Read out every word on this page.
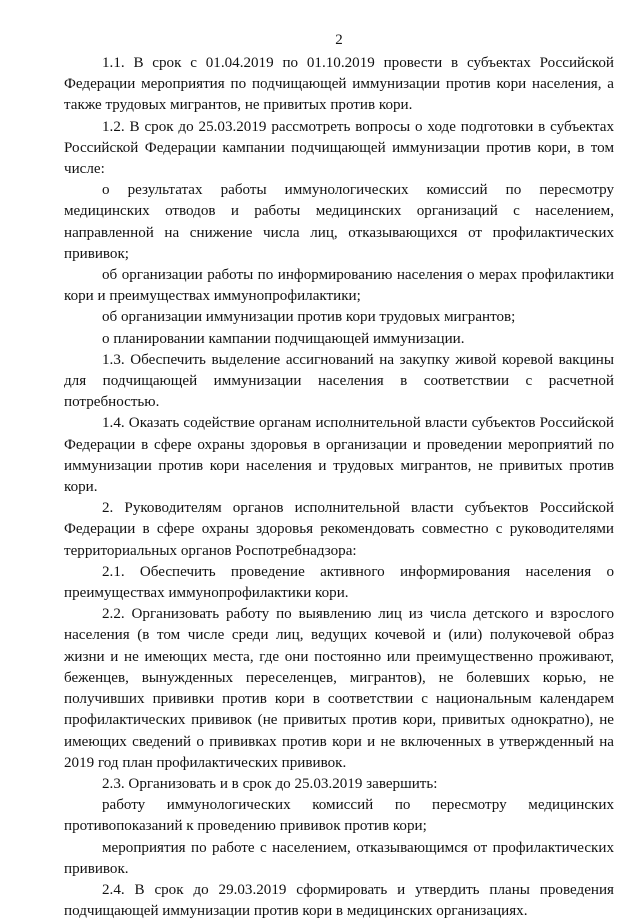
2

1.1. В срок с 01.04.2019 по 01.10.2019 провести в субъектах Российской Федерации мероприятия по подчищающей иммунизации против кори населения, а также трудовых мигрантов, не привитых против кори.

1.2. В срок до 25.03.2019 рассмотреть вопросы о ходе подготовки в субъектах Российской Федерации кампании подчищающей иммунизации против кори, в том числе:

о результатах работы иммунологических комиссий по пересмотру медицинских отводов и работы медицинских организаций с населением, направленной на снижение числа лиц, отказывающихся от профилактических прививок;

об организации работы по информированию населения о мерах профилактики кори и преимуществах иммунопрофилактики;

об организации иммунизации против кори трудовых мигрантов;

о планировании кампании подчищающей иммунизации.

1.3. Обеспечить выделение ассигнований на закупку живой коревой вакцины для подчищающей иммунизации населения в соответствии с расчетной потребностью.

1.4. Оказать содействие органам исполнительной власти субъектов Российской Федерации в сфере охраны здоровья в организации и проведении мероприятий по иммунизации против кори населения и трудовых мигрантов, не привитых против кори.

2. Руководителям органов исполнительной власти субъектов Российской Федерации в сфере охраны здоровья рекомендовать совместно с руководителями территориальных органов Роспотребнадзора:

2.1. Обеспечить проведение активного информирования населения о преимуществах иммунопрофилактики кори.

2.2. Организовать работу по выявлению лиц из числа детского и взрослого населения (в том числе среди лиц, ведущих кочевой и (или) полукочевой образ жизни и не имеющих места, где они постоянно или преимущественно проживают, беженцев, вынужденных переселенцев, мигрантов), не болевших корью, не получивших прививки против кори в соответствии с национальным календарем профилактических прививок (не привитых против кори, привитых однократно), не имеющих сведений о прививках против кори и не включенных в утвержденный на 2019 год план профилактических прививок.

2.3. Организовать и в срок до 25.03.2019 завершить:

работу иммунологических комиссий по пересмотру медицинских противопоказаний к проведению прививок против кори;

мероприятия по работе с населением, отказывающимся от профилактических прививок.

2.4. В срок до 29.03.2019 сформировать и утвердить планы проведения подчищающей иммунизации против кори в медицинских организациях.
